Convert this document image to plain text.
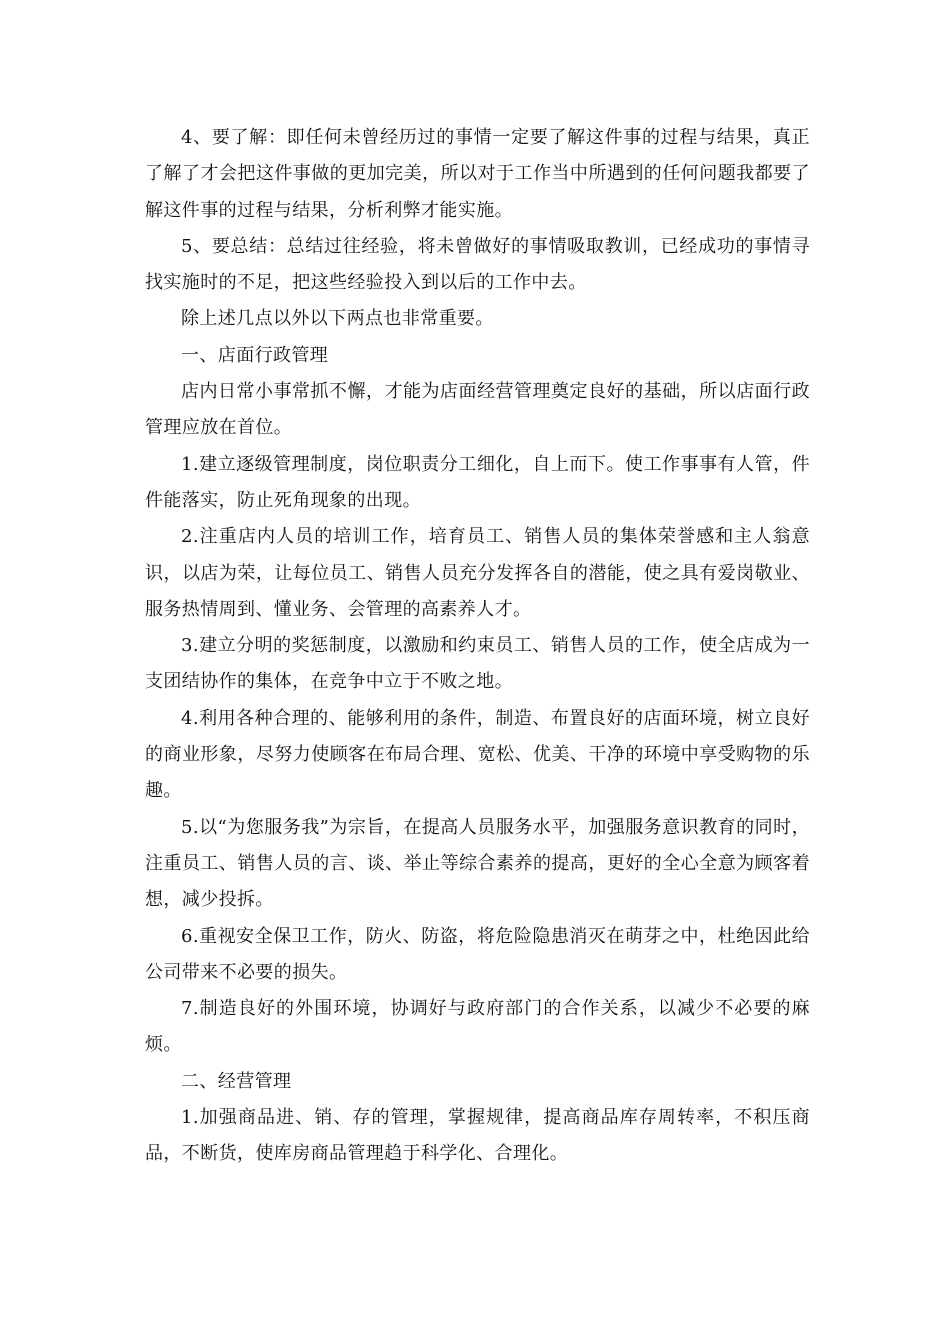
4、要了解：即任何未曾经历过的事情一定要了解这件事的过程与结果，真正了解了才会把这件事做的更加完美，所以对于工作当中所遇到的任何问题我都要了解这件事的过程与结果，分析利弊才能实施。

5、要总结：总结过往经验，将未曾做好的事情吸取教训，已经成功的事情寻找实施时的不足，把这些经验投入到以后的工作中去。

除上述几点以外以下两点也非常重要。

一、店面行政管理

店内日常小事常抓不懈，才能为店面经营管理奠定良好的基础，所以店面行政管理应放在首位。

1.建立逐级管理制度，岗位职责分工细化，自上而下。使工作事事有人管，件件能落实，防止死角现象的出现。

2.注重店内人员的培训工作，培育员工、销售人员的集体荣誉感和主人翁意识，以店为荣，让每位员工、销售人员充分发挥各自的潜能，使之具有爱岗敬业、服务热情周到、懂业务、会管理的高素养人才。

3.建立分明的奖惩制度，以激励和约束员工、销售人员的工作，使全店成为一支团结协作的集体，在竞争中立于不败之地。

4.利用各种合理的、能够利用的条件，制造、布置良好的店面环境，树立良好的商业形象，尽努力使顾客在布局合理、宽松、优美、干净的环境中享受购物的乐趣。

5.以“为您服务我”为宗旨，在提高人员服务水平，加强服务意识教育的同时，注重员工、销售人员的言、谈、举止等综合素养的提高，更好的全心全意为顾客着想，减少投拆。

6.重视安全保卫工作，防火、防盗，将危险隐患消灭在萌芽之中，杜绝因此给公司带来不必要的损失。

7.制造良好的外围环境，协调好与政府部门的合作关系，以减少不必要的麻烦。

二、经营管理

1.加强商品进、销、存的管理，掌握规律，提高商品库存周转率，不积压商品，不断货，使库房商品管理趋于科学化、合理化。
